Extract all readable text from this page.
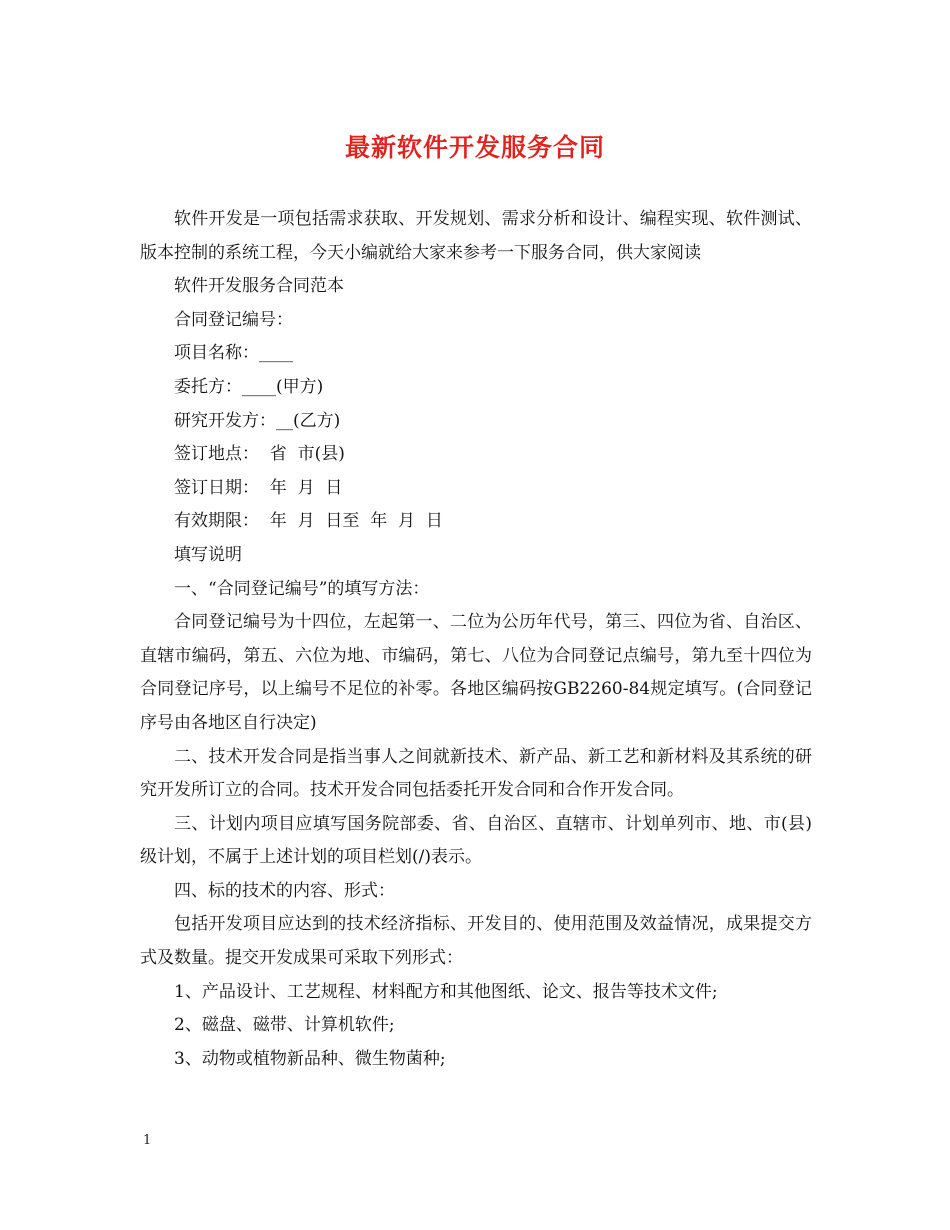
最新软件开发服务合同

软件开发是一项包括需求获取、开发规划、需求分析和设计、编程实现、软件测试、版本控制的系统工程，今天小编就给大家来参考一下服务合同，供大家阅读

软件开发服务合同范本

合同登记编号：

项目名称：____

委托方：____(甲方)

研究开发方：__(乙方)

签订地点：  省  市(县)

签订日期：  年  月  日

有效期限：  年  月  日至  年  月  日

填写说明

一、“合同登记编号”的填写方法：

合同登记编号为十四位，左起第一、二位为公历年代号，第三、四位为省、自治区、直辖市编码，第五、六位为地、市编码，第七、八位为合同登记点编号，第九至十四位为合同登记序号，以上编号不足位的补零。各地区编码按GB2260-84规定填写。(合同登记序号由各地区自行决定)

二、技术开发合同是指当事人之间就新技术、新产品、新工艺和新材料及其系统的研究开发所订立的合同。技术开发合同包括委托开发合同和合作开发合同。

三、计划内项目应填写国务院部委、省、自治区、直辖市、计划单列市、地、市(县)级计划，不属于上述计划的项目栏划(/)表示。

四、标的技术的内容、形式：

包括开发项目应达到的技术经济指标、开发目的、使用范围及效益情况，成果提交方式及数量。提交开发成果可采取下列形式：

1、产品设计、工艺规程、材料配方和其他图纸、论文、报告等技术文件;

2、磁盘、磁带、计算机软件;

3、动物或植物新品种、微生物菌种;

1
